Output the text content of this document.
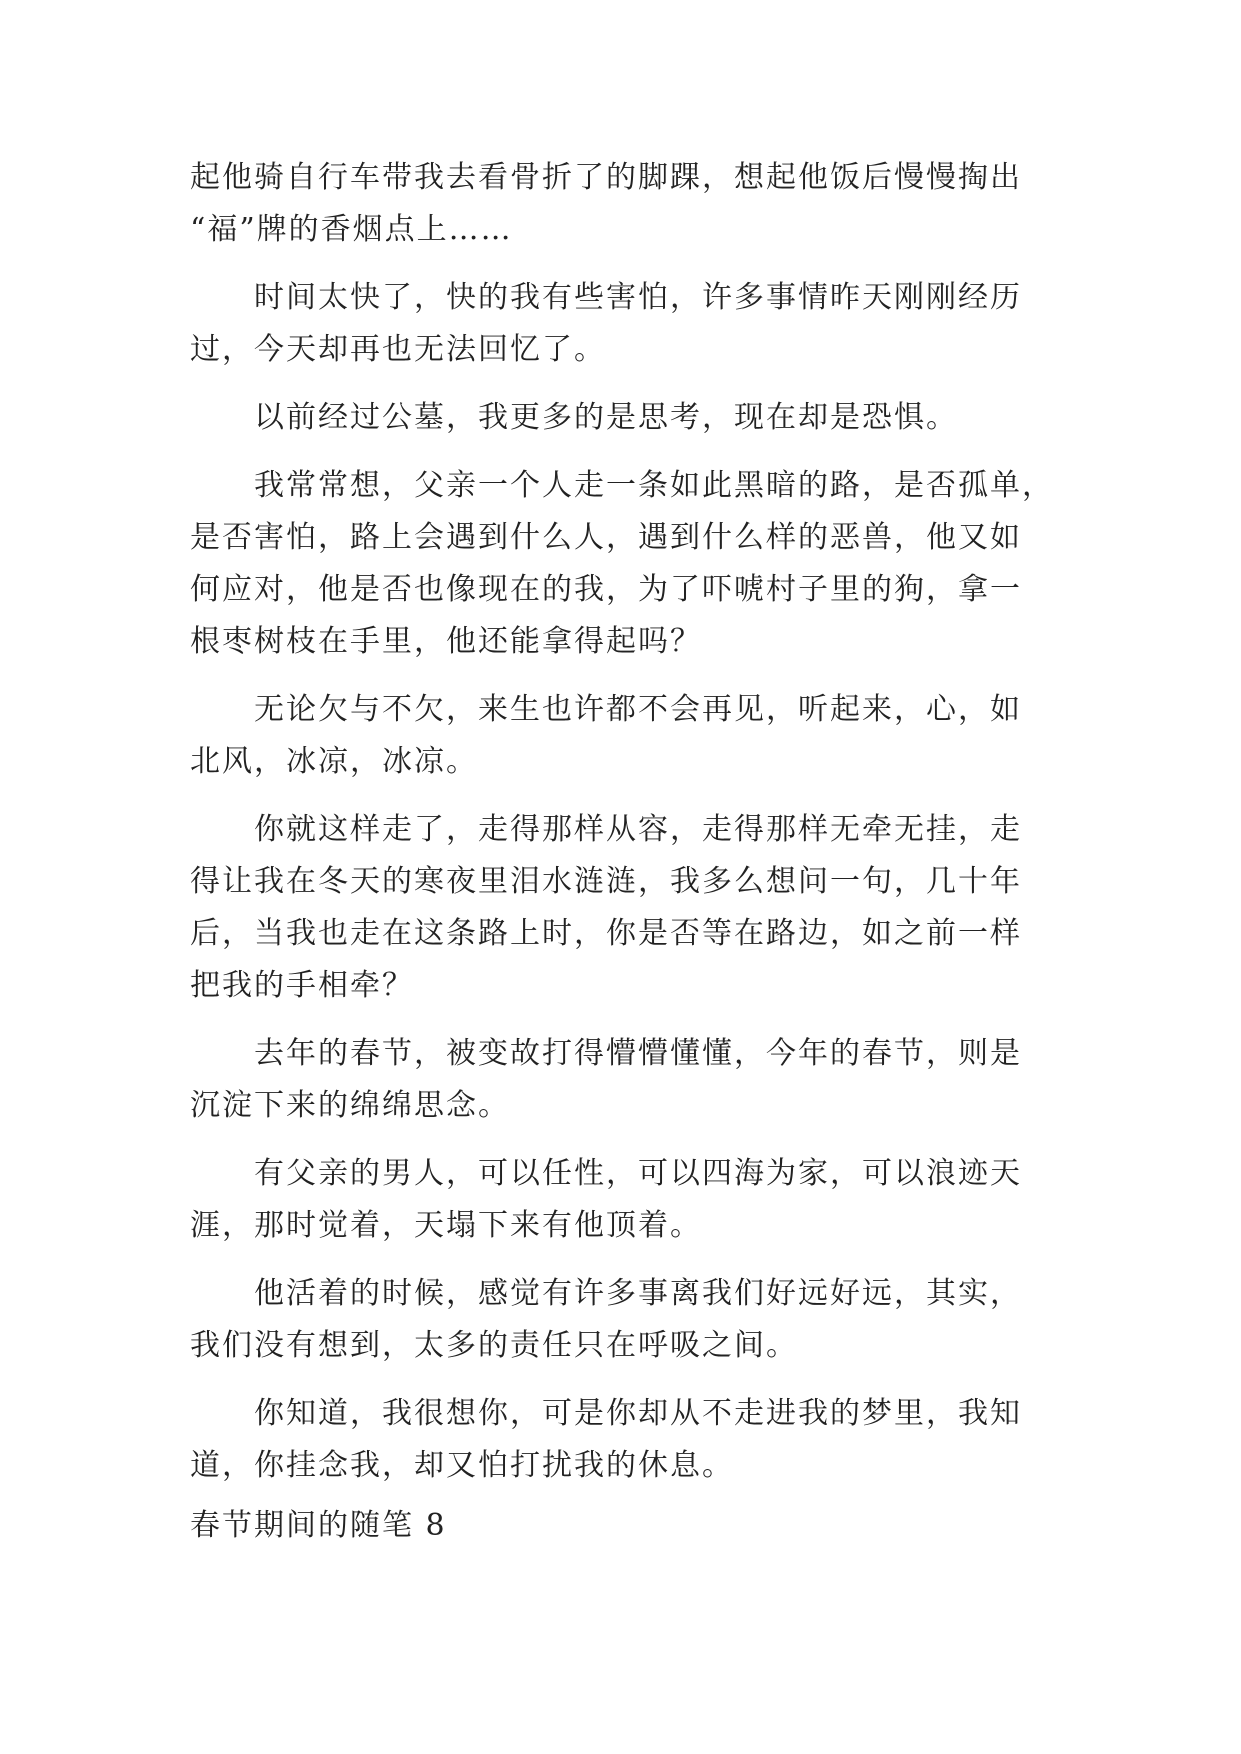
起他骑自行车带我去看骨折了的脚踝，想起他饭后慢慢掏出
“福”牌的香烟点上……
时间太快了，快的我有些害怕，许多事情昨天刚刚经历
过，今天却再也无法回忆了。
以前经过公墓，我更多的是思考，现在却是恐惧。
我常常想，父亲一个人走一条如此黑暗的路，是否孤单，
是否害怕，路上会遇到什么人，遇到什么样的恶兽，他又如
何应对，他是否也像现在的我，为了吓唬村子里的狗，拿一
根枣树枝在手里，他还能拿得起吗？
无论欠与不欠，来生也许都不会再见，听起来，心，如
北风，冰凉，冰凉。
你就这样走了，走得那样从容，走得那样无牵无挂，走
得让我在冬天的寒夜里泪水涟涟，我多么想问一句，几十年
后，当我也走在这条路上时，你是否等在路边，如之前一样
把我的手相牵？
去年的春节，被变故打得懵懵懂懂，今年的春节，则是
沉淀下来的绵绵思念。
有父亲的男人，可以任性，可以四海为家，可以浪迹天
涯，那时觉着，天塌下来有他顶着。
他活着的时候，感觉有许多事离我们好远好远，其实，
我们没有想到，太多的责任只在呼吸之间。
你知道，我很想你，可是你却从不走进我的梦里，我知
道，你挂念我，却又怕打扰我的休息。
春节期间的随笔 8
